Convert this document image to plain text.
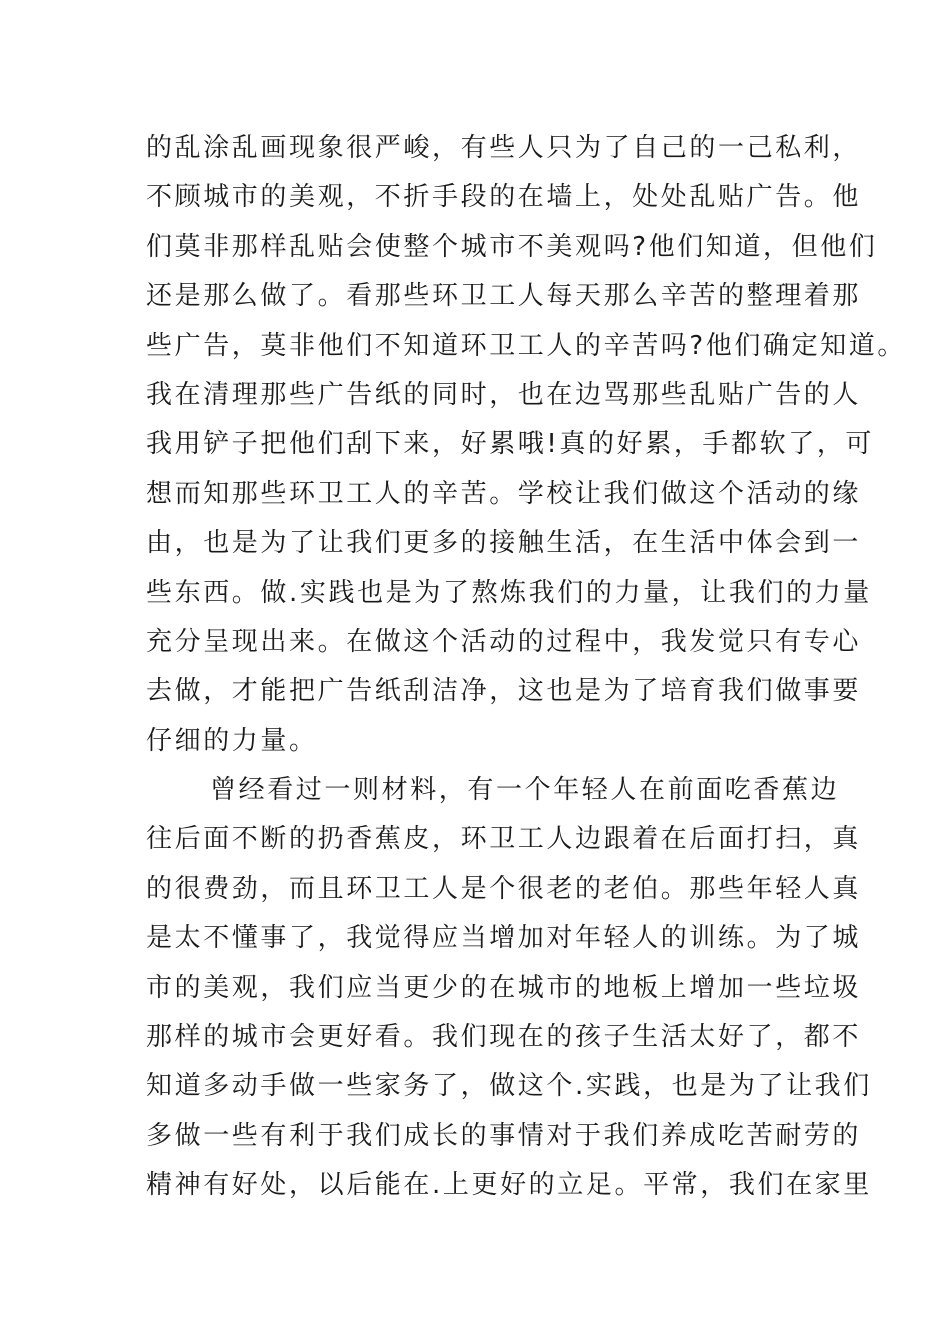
的乱涂乱画现象很严峻，有些人只为了自己的一己私利，
不顾城市的美观，不折手段的在墙上，处处乱贴广告。他
们莫非那样乱贴会使整个城市不美观吗?他们知道，但他们
还是那么做了。看那些环卫工人每天那么辛苦的整理着那
些广告，莫非他们不知道环卫工人的辛苦吗?他们确定知道。
我在清理那些广告纸的同时，也在边骂那些乱贴广告的人
我用铲子把他们刮下来，好累哦!真的好累，手都软了，可
想而知那些环卫工人的辛苦。学校让我们做这个活动的缘
由，也是为了让我们更多的接触生活，在生活中体会到一
些东西。做.实践也是为了熬炼我们的力量，让我们的力量
充分呈现出来。在做这个活动的过程中，我发觉只有专心
去做，才能把广告纸刮洁净，这也是为了培育我们做事要
仔细的力量。
曾经看过一则材料，有一个年轻人在前面吃香蕉边
往后面不断的扔香蕉皮，环卫工人边跟着在后面打扫，真
的很费劲，而且环卫工人是个很老的老伯。那些年轻人真
是太不懂事了，我觉得应当增加对年轻人的训练。为了城
市的美观，我们应当更少的在城市的地板上增加一些垃圾
那样的城市会更好看。我们现在的孩子生活太好了，都不
知道多动手做一些家务了，做这个.实践，也是为了让我们
多做一些有利于我们成长的事情对于我们养成吃苦耐劳的
精神有好处，以后能在.上更好的立足。平常，我们在家里
